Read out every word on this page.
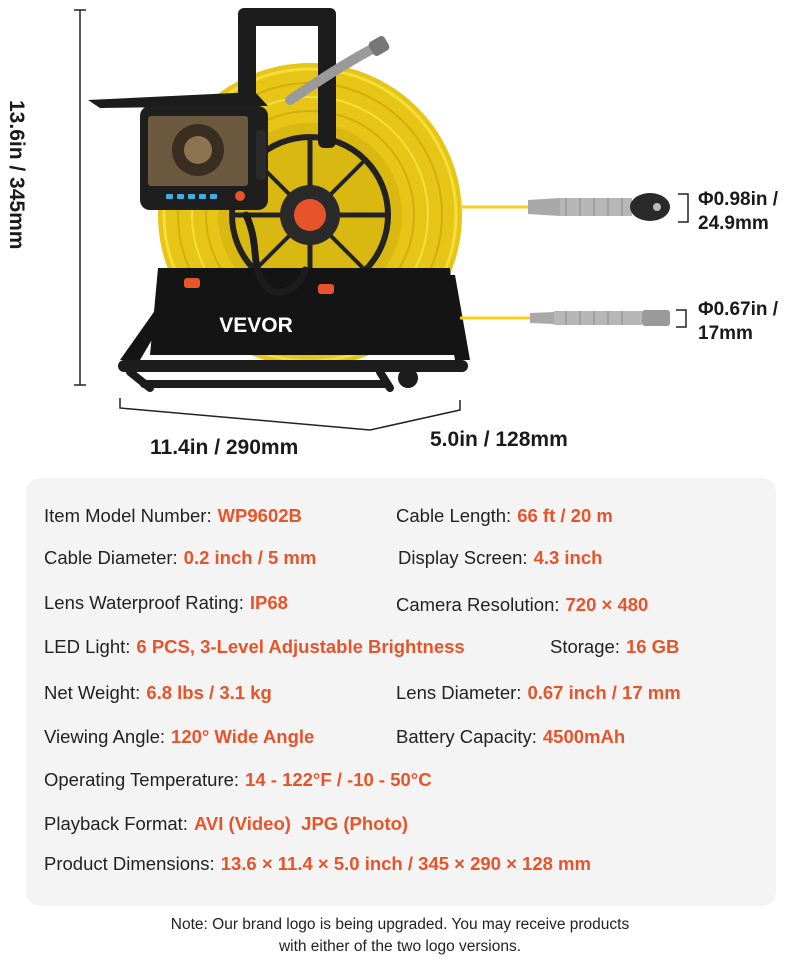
VEVOR
13.6in / 345mm
11.4in / 290mm	5.0in / 128mm
Φ0.98in /
24.9mm
Φ0.67in /
17mm
Item Model Number: WP9602B	Cable Length: 66 ft / 20 m
Cable Diameter: 0.2 inch / 5 mm	Display Screen: 4.3 inch
Lens Waterproof Rating: IP68	Camera Resolution: 720 × 480
LED Light: 6 PCS, 3-Level Adjustable Brightness	Storage: 16 GB
Net Weight: 6.8 lbs / 3.1 kg	Lens Diameter: 0.67 inch / 17 mm
Viewing Angle: 120° Wide Angle	Battery Capacity: 4500mAh
Operating Temperature: 14 - 122°F / -10 - 50°C
Playback Format: AVI (Video)  JPG (Photo)
Product Dimensions: 13.6 × 11.4 × 5.0 inch / 345 × 290 × 128 mm
Note: Our brand logo is being upgraded. You may receive products
with either of the two logo versions.
